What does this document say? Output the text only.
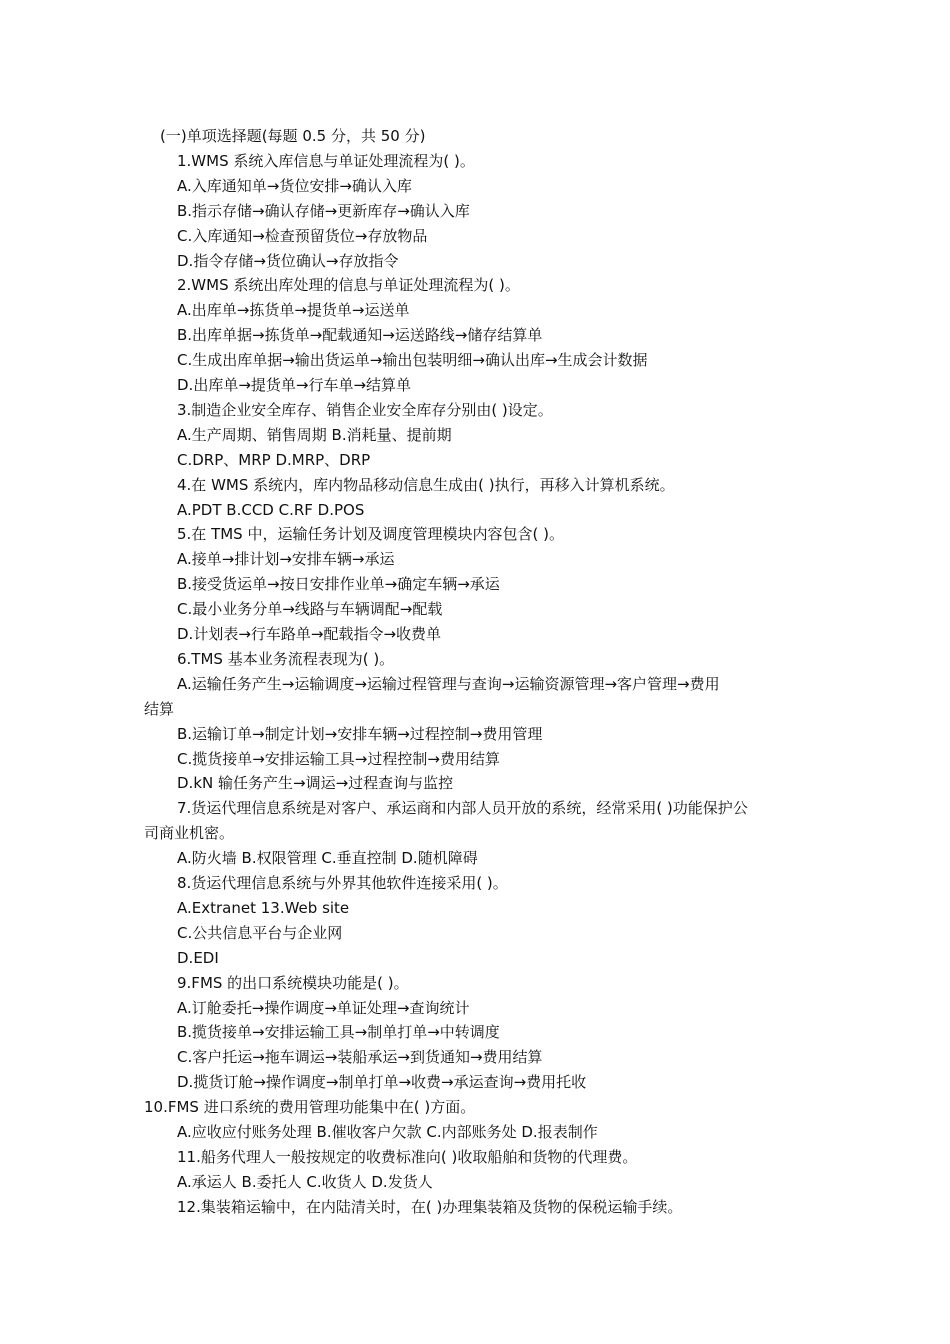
(一)单项选择题(每题 0.5 分，共 50 分)
1.WMS 系统入库信息与单证处理流程为( )。
A.入库通知单→货位安排→确认入库
B.指示存储→确认存储→更新库存→确认入库
C.入库通知→检查预留货位→存放物品
D.指令存储→货位确认→存放指令
2.WMS 系统出库处理的信息与单证处理流程为( )。
A.出库单→拣货单→提货单→运送单
B.出库单据→拣货单→配载通知→运送路线→储存结算单
C.生成出库单据→输出货运单→输出包装明细→确认出库→生成会计数据
D.出库单→提货单→行车单→结算单
3.制造企业安全库存、销售企业安全库存分别由( )设定。
A.生产周期、销售周期 B.消耗量、提前期
C.DRP、MRP D.MRP、DRP
4.在 WMS 系统内，库内物品移动信息生成由( )执行，再移入计算机系统。
A.PDT B.CCD C.RF D.POS
5.在 TMS 中，运输任务计划及调度管理模块内容包含( )。
A.接单→排计划→安排车辆→承运
B.接受货运单→按日安排作业单→确定车辆→承运
C.最小业务分单→线路与车辆调配→配载
D.计划表→行车路单→配载指令→收费单
6.TMS 基本业务流程表现为( )。
A.运输任务产生→运输调度→运输过程管理与查询→运输资源管理→客户管理→费用
结算
B.运输订单→制定计划→安排车辆→过程控制→费用管理
C.揽货接单→安排运输工具→过程控制→费用结算
D.kN 输任务产生→调运→过程查询与监控
7.货运代理信息系统是对客户、承运商和内部人员开放的系统，经常采用( )功能保护公
司商业机密。
A.防火墙 B.权限管理 C.垂直控制 D.随机障碍
8.货运代理信息系统与外界其他软件连接采用( )。
A.Extranet 13.Web site
C.公共信息平台与企业网
D.EDI
9.FMS 的出口系统模块功能是( )。
A.订舱委托→操作调度→单证处理→查询统计
B.揽货接单→安排运输工具→制单打单→中转调度
C.客户托运→拖车调运→装船承运→到货通知→费用结算
D.揽货订舱→操作调度→制单打单→收费→承运查询→费用托收
10.FMS 进口系统的费用管理功能集中在( )方面。
A.应收应付账务处理 B.催收客户欠款 C.内部账务处 D.报表制作
11.船务代理人一般按规定的收费标准向( )收取船舶和货物的代理费。
A.承运人 B.委托人 C.收货人 D.发货人
12.集装箱运输中，在内陆清关时，在( )办理集装箱及货物的保税运输手续。
